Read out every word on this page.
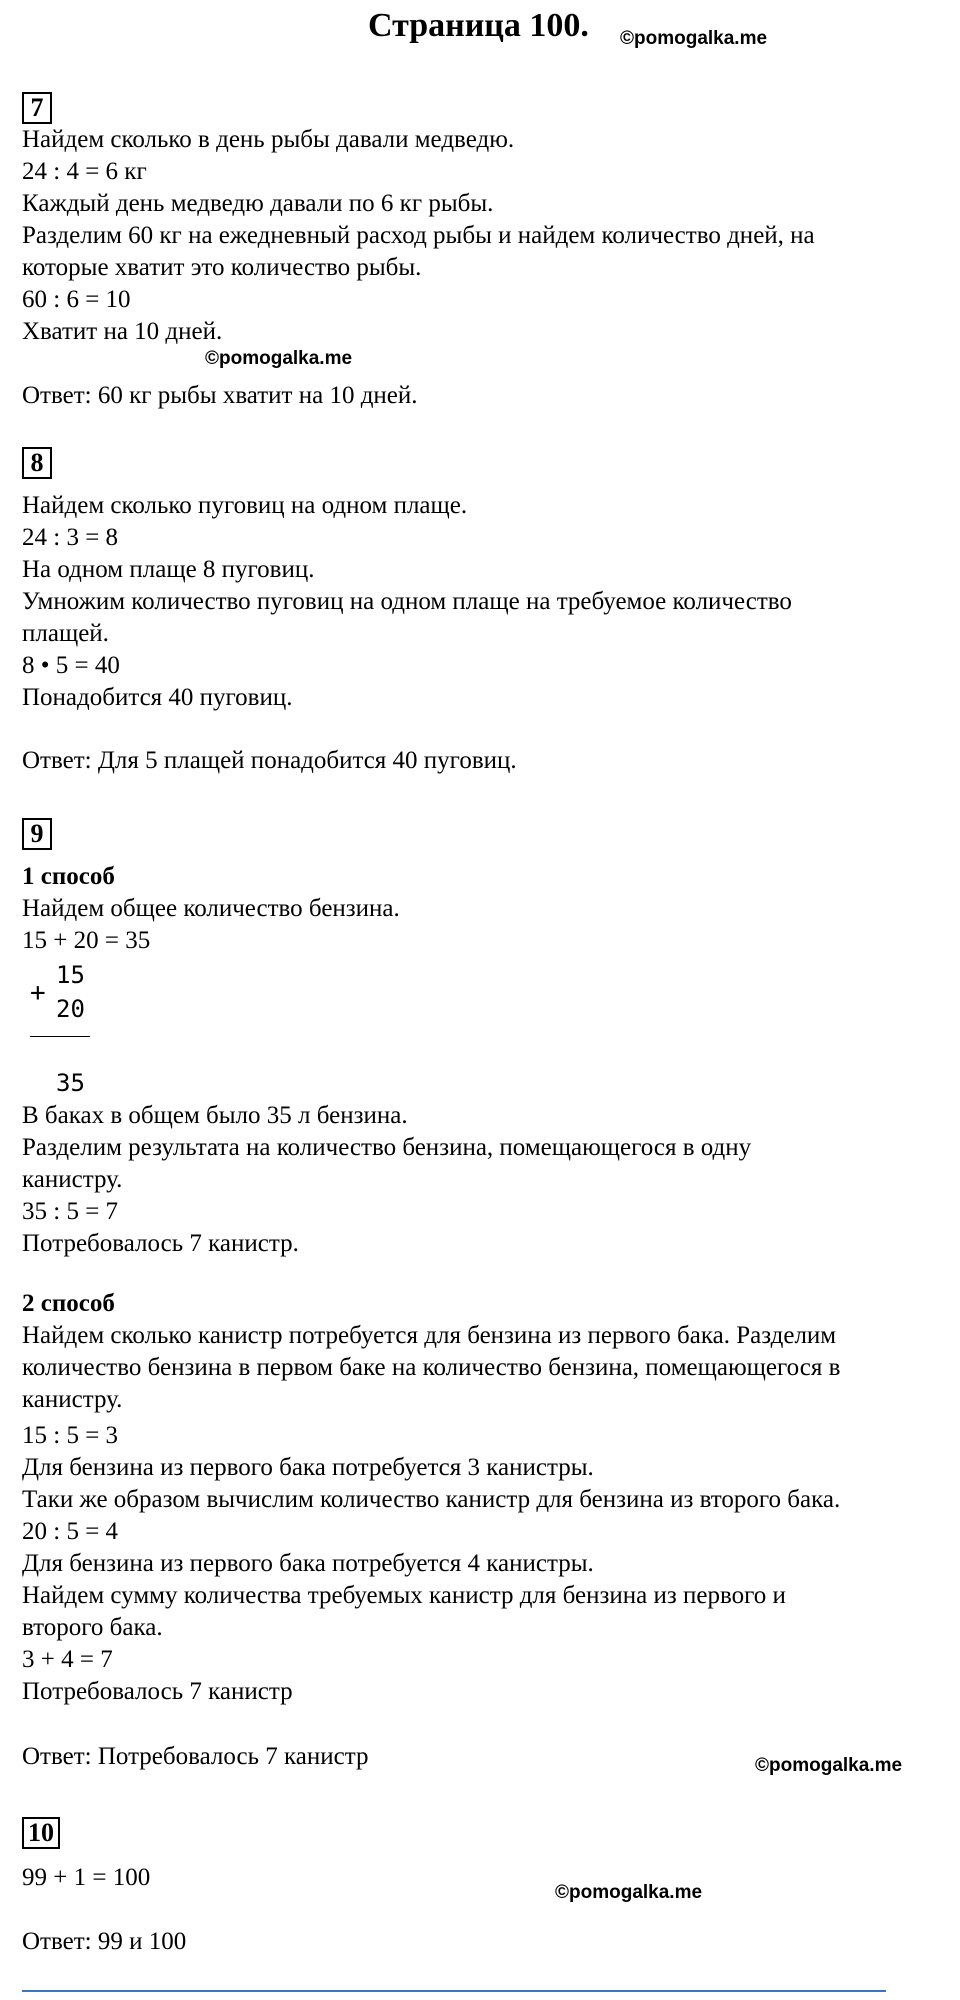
Страница 100. ©pomogalka.me
7
Найдем сколько в день рыбы давали медведю.
24 : 4 = 6 кг
Каждый день медведю давали по 6 кг рыбы.
Разделим 60 кг на ежедневный расход рыбы и найдем количество дней, на
которые хватит это количество рыбы.
60 : 6 = 10
Хватит на 10 дней.
©pomogalka.me
Ответ: 60 кг рыбы хватит на 10 дней.
8
Найдем сколько пуговиц на одном плаще.
24 : 3 = 8
На одном плаще 8 пуговиц.
Умножим количество пуговиц на одном плаще на требуемое количество
плащей.
8 • 5 = 40
Понадобится 40 пуговиц.
Ответ: Для 5 плащей понадобится 40 пуговиц.
9
1 способ
Найдем общее количество бензина.
15 + 20 = 35
+
15
20
35
В баках в общем было 35 л бензина.
Разделим результата на количество бензина, помещающегося в одну
канистру.
35 : 5 = 7
Потребовалось 7 канистр.
2 способ
Найдем сколько канистр потребуется для бензина из первого бака. Разделим
количество бензина в первом баке на количество бензина, помещающегося в
канистру.
15 : 5 = 3
Для бензина из первого бака потребуется 3 канистры.
Таки же образом вычислим количество канистр для бензина из второго бака.
20 : 5 = 4
Для бензина из первого бака потребуется 4 канистры.
Найдем сумму количества требуемых канистр для бензина из первого и
второго бака.
3 + 4 = 7
Потребовалось 7 канистр
Ответ: Потребовалось 7 канистр	©pomogalka.me
10
99 + 1 = 100
©pomogalka.me
Ответ: 99 и 100
